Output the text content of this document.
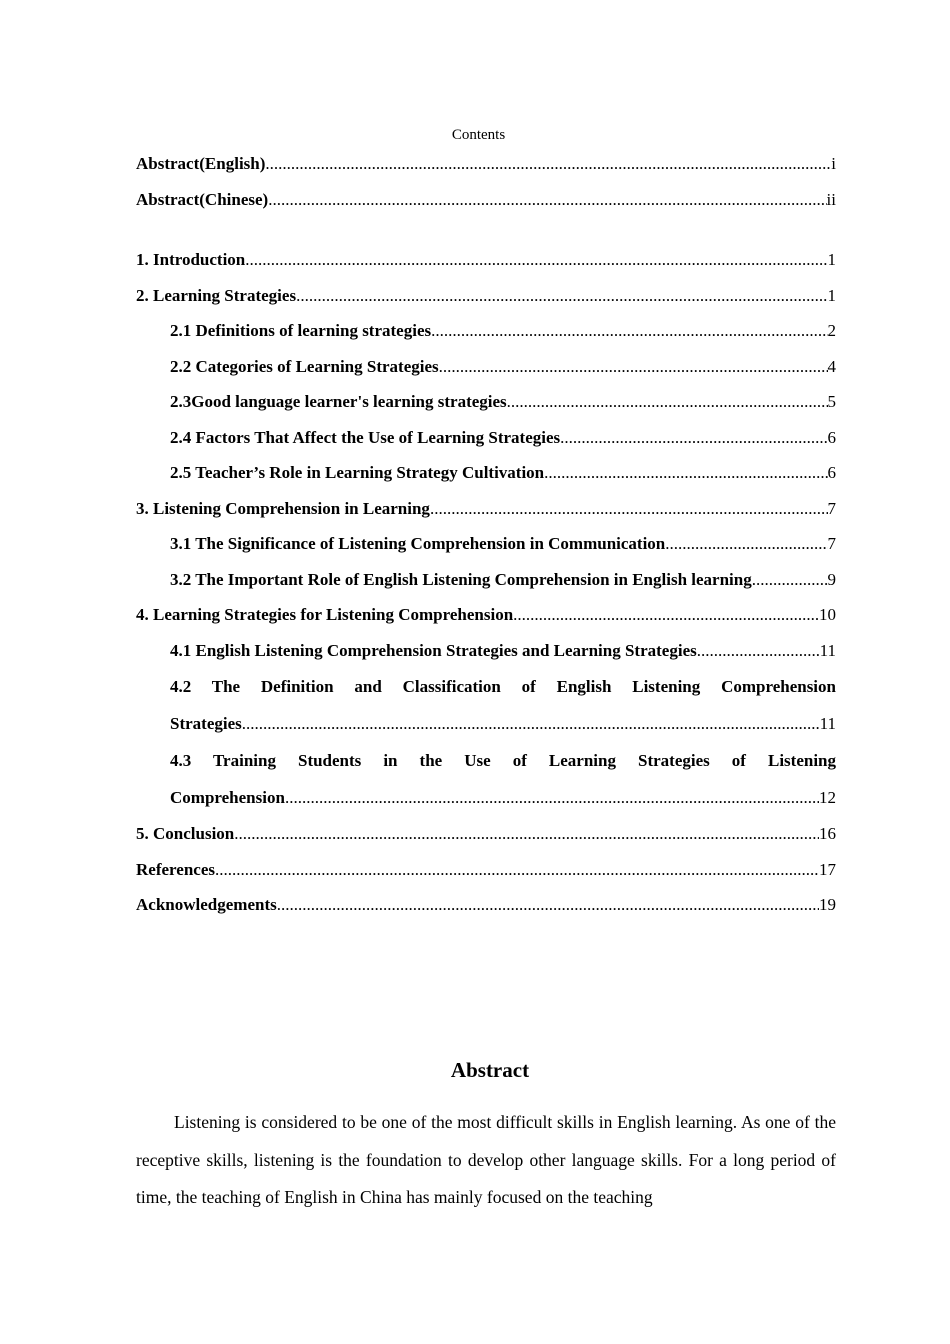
Contents
Abstract(English) .....	i
Abstract(Chinese) .....	ii
1. Introduction .....	1
2. Learning Strategies .....	1
2.1 Definitions of learning strategies .....	2
2.2 Categories of Learning Strategies .....	4
2.3Good language learner's learning strategies .....	5
2.4 Factors That Affect the Use of Learning Strategies .....	6
2.5 Teacher’s Role in Learning Strategy Cultivation .....	6
3. Listening Comprehension in Learning .....	7
3.1 The Significance of Listening Comprehension in Communication .....	7
3.2 The Important Role of English Listening Comprehension in English learning .....	9
4. Learning Strategies for Listening Comprehension .....	10
4.1 English Listening Comprehension Strategies and Learning Strategies .....	11
4.2 The Definition and Classification of English Listening Comprehension
Strategies .....	11
4.3 Training Students in the Use of Learning Strategies of Listening
Comprehension .....	12
5. Conclusion .....	16
References .....	17
Acknowledgements .....	19
Abstract
Listening is considered to be one of the most difficult skills in English learning. As one of the receptive skills, listening is the foundation to develop other language skills. For a long period of time, the teaching of English in China has mainly focused on the teaching
